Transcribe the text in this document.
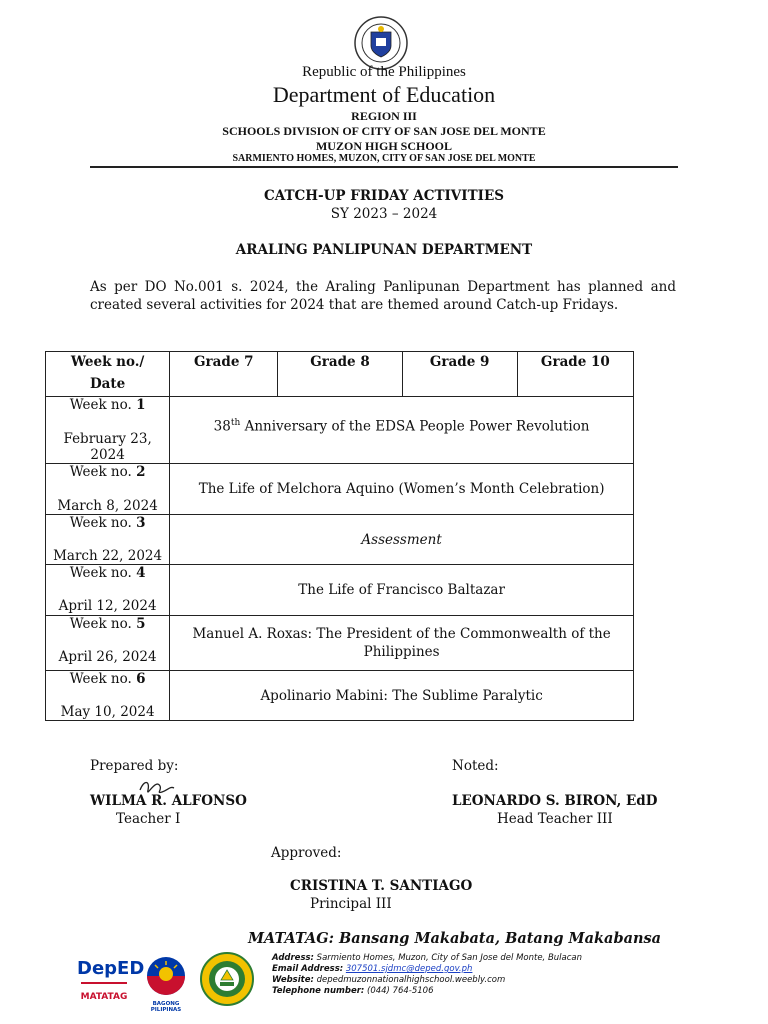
Republic of the Philippines
Department of Education
REGION III
SCHOOLS DIVISION OF CITY OF SAN JOSE DEL MONTE
MUZON HIGH SCHOOL
SARMIENTO HOMES, MUZON, CITY OF SAN JOSE DEL MONTE
CATCH-UP FRIDAY ACTIVITIES
SY 2023 – 2024
ARALING PANLIPUNAN DEPARTMENT
As per DO No.001 s. 2024, the Araling Panlipunan Department has planned and created several activities for 2024 that are themed around Catch-up Fridays.
Week no./
Date	Grade 7	Grade 8	Grade 9	Grade 10
Week no. 1
February 23, 2024	38th Anniversary of the EDSA People Power Revolution			
Week no. 2
March 8, 2024	The Life of Melchora Aquino (Women’s Month Celebration)			
Week no. 3
March 22, 2024	Assessment			
Week no. 4
April 12, 2024	The Life of Francisco Baltazar			
Week no. 5
April 26, 2024	Manuel A. Roxas: The President of the Commonwealth of the Philippines			
Week no. 6
May 10, 2024	Apolinario Mabini: The Sublime Paralytic			
Prepared by:
WILMA R. ALFONSO
Teacher I
Noted:
LEONARDO S. BIRON, EdD
Head Teacher III
Approved:
CRISTINA T. SANTIAGO
Principal III
MATATAG: Bansang Makabata, Batang Makabansa
DepED
MATATAG
BAGONG PILIPINAS
Address: Sarmiento Homes, Muzon, City of San Jose del Monte, Bulacan
Email Address: 307501.sjdmc@deped.gov.ph
Website: depedmuzonnationalhighschool.weebly.com
Telephone number: (044) 764-5106
